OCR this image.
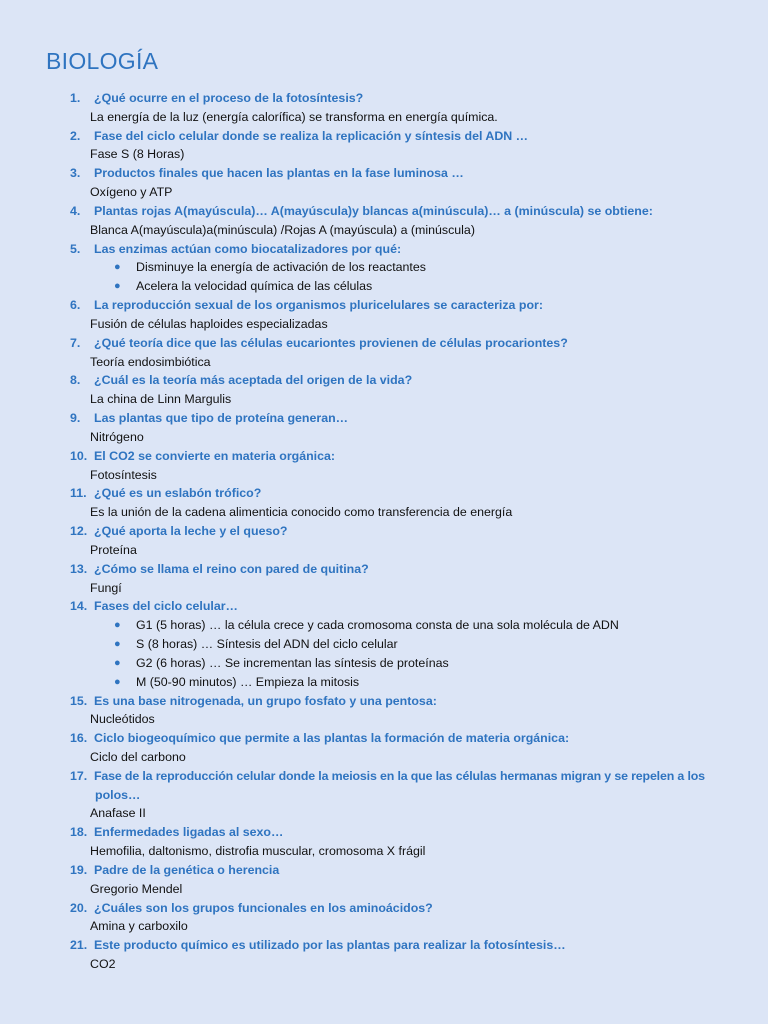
BIOLOGÍA
1. ¿Qué ocurre en el proceso de la fotosíntesis?
La energía de la luz (energía calorífica) se transforma en energía química.
2. Fase del ciclo celular donde se realiza la replicación y síntesis del ADN …
Fase S (8 Horas)
3. Productos finales que hacen las plantas en la fase luminosa …
Oxígeno y ATP
4. Plantas rojas A(mayúscula)… A(mayúscula)y blancas a(minúscula)… a (minúscula) se obtiene:
Blanca A(mayúscula)a(minúscula) /Rojas A (mayúscula) a (minúscula)
5. Las enzimas actúan como biocatalizadores por qué:
● Disminuye la energía de activación de los reactantes
● Acelera la velocidad química de las células
6. La reproducción sexual de los organismos pluricelulares se caracteriza por:
Fusión de células haploides especializadas
7. ¿Qué teoría dice que las células eucariontes provienen de células procariontes?
Teoría endosimbiótica
8. ¿Cuál es la teoría más aceptada del origen de la vida?
La china de Linn Margulis
9. Las plantas que tipo de proteína generan…
Nitrógeno
10. El CO2 se convierte en materia orgánica:
Fotosíntesis
11. ¿Qué es un eslabón trófico?
Es la unión de la cadena alimenticia conocido como transferencia de energía
12. ¿Qué aporta la leche y el queso?
Proteína
13. ¿Cómo se llama el reino con pared de quitina?
Fungí
14. Fases del ciclo celular…
● G1 (5 horas) … la célula crece y cada cromosoma consta de una sola molécula de ADN
● S (8 horas) … Síntesis del ADN del ciclo celular
● G2 (6 horas) … Se incrementan las síntesis de proteínas
● M (50-90 minutos) … Empieza la mitosis
15. Es una base nitrogenada, un grupo fosfato y una pentosa:
Nucleótidos
16. Ciclo biogeoquímico que permite a las plantas la formación de materia orgánica:
Ciclo del carbono
17. Fase de la reproducción celular donde la meiosis en la que las células hermanas migran y se repelen a los
polos…
Anafase II
18. Enfermedades ligadas al sexo…
Hemofilia, daltonismo, distrofia muscular, cromosoma X frágil
19. Padre de la genética o herencia
Gregorio Mendel
20. ¿Cuáles son los grupos funcionales en los aminoácidos?
Amina y carboxilo
21. Este producto químico es utilizado por las plantas para realizar la fotosíntesis…
CO2
